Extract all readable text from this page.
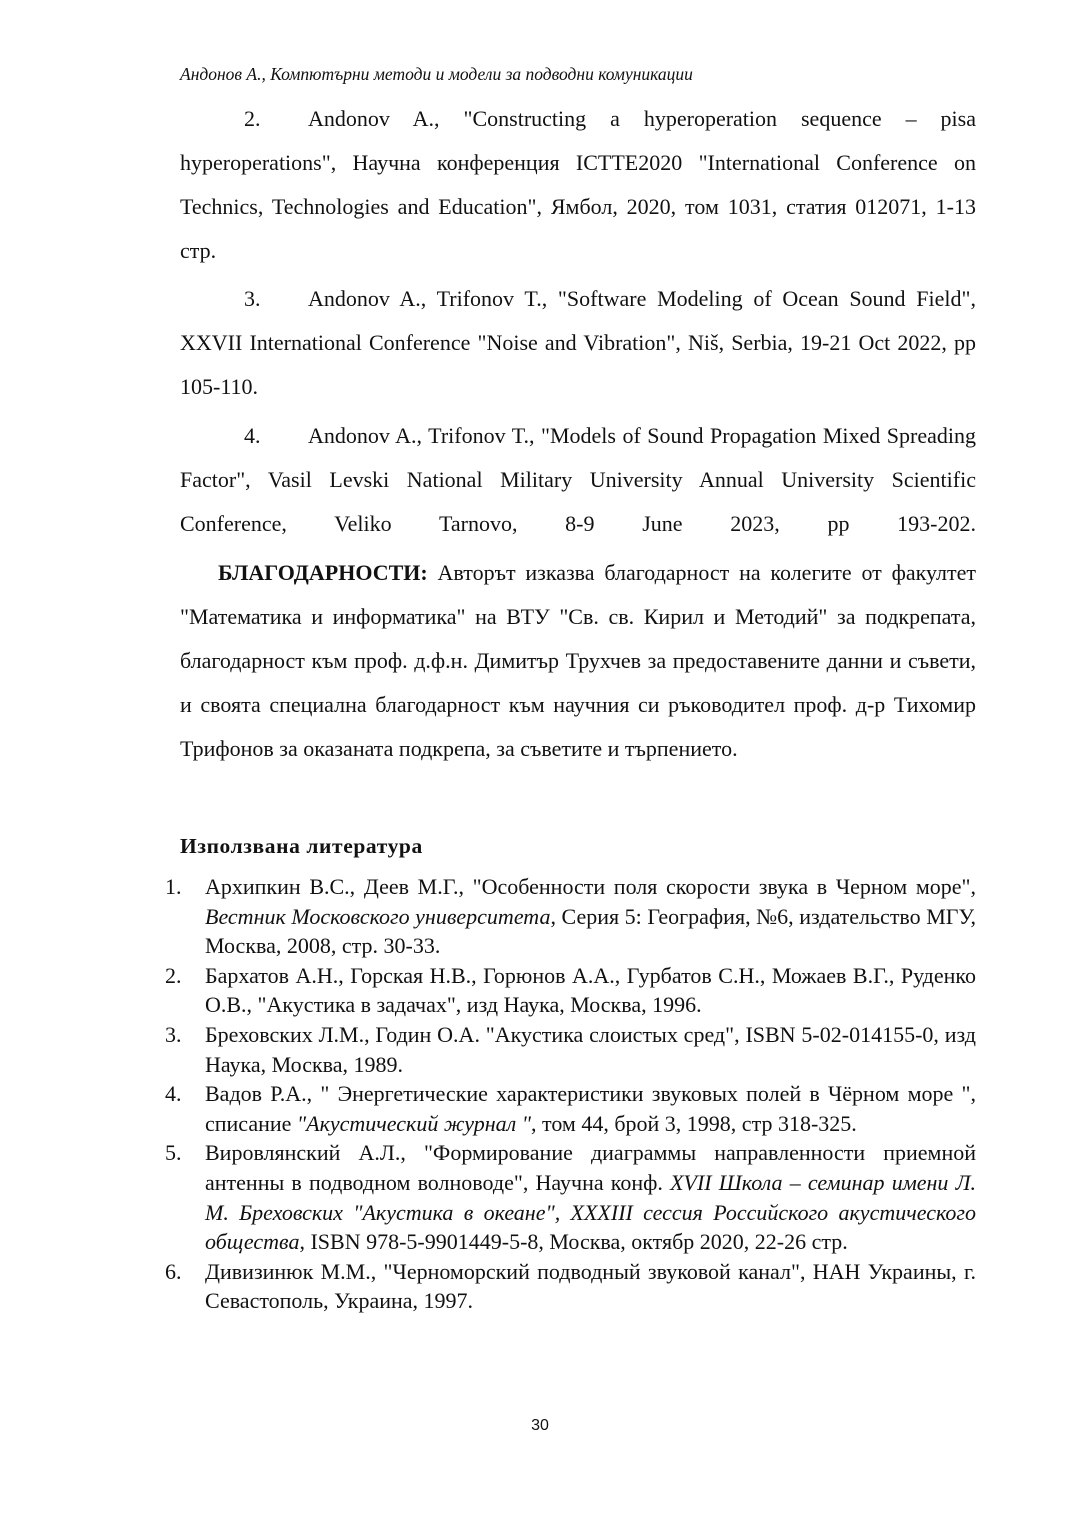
Андонов А., Компютърни методи и модели за подводни комуникации
2. Andonov A., "Constructing a hyperoperation sequence – pisa hyperoperations", Научна конференция ICTTE2020 "International Conference on Technics, Technologies and Education", Ямбол, 2020, том 1031, статия 012071, 1-13 стр.
3. Andonov A., Trifonov T., "Software Modeling of Ocean Sound Field", XXVII International Conference "Noise and Vibration", Niš, Serbia, 19-21 Oct 2022, pp 105-110.
4. Andonov A., Trifonov T., "Models of Sound Propagation Mixed Spreading Factor", Vasil Levski National Military University Annual University Scientific Conference, Veliko Tarnovo, 8-9 June 2023, pp 193-202.
БЛАГОДАРНОСТИ: Авторът изказва благодарност на колегите от факултет "Математика и информатика" на ВТУ "Св. св. Кирил и Методий" за подкрепата, благодарност към проф. д.ф.н. Димитър Трухчев за предоставените данни и съвети, и своята специална благодарност към научния си ръководител проф. д-р Тихомир Трифонов за оказаната подкрепа, за съветите и търпението.
Използвана литература
1. Архипкин В.С., Деев М.Г., "Особенности поля скорости звука в Черном море", Вестник Московского университета, Серия 5: География, №6, издательство МГУ, Москва, 2008, стр. 30-33.
2. Бархатов А.Н., Горская Н.В., Горюнов А.А., Гурбатов С.Н., Можаев В.Г., Руденко О.В., "Акустика в задачах", изд Наука, Москва, 1996.
3. Бреховских Л.М., Годин О.А. "Акустика слоистых сред", ISBN 5-02-014155-0, изд Наука, Москва, 1989.
4. Вадов Р.А., " Энергетические характеристики звуковых полей в Чёрном море ", списание "Акустический журнал ", том 44, брой 3, 1998, стр 318-325.
5. Вировлянский А.Л., "Формирование диаграммы направленности приемной антенны в подводном волноводе", Научна конф. XVII Школа – семинар имени Л. М. Бреховских "Акустика в океане", XXXIII сессия Российского акустического общества, ISBN 978-5-9901449-5-8, Москва, октябр 2020, 22-26 стр.
6. Дивизинюк М.М., "Черноморский подводный звуковой канал", НАН Украины, г. Севастополь, Украина, 1997.
30
